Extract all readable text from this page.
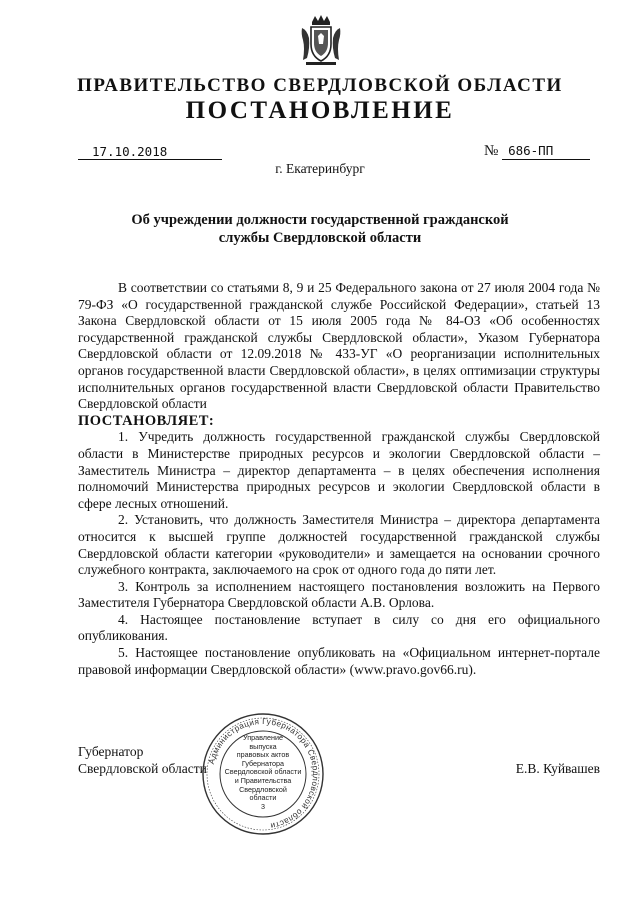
ПРАВИТЕЛЬСТВО СВЕРДЛОВСКОЙ ОБЛАСТИ
ПОСТАНОВЛЕНИЕ
17.10.2018	№ 686-ПП
г. Екатеринбург
Об учреждении должности государственной гражданской службы Свердловской области

В соответствии со статьями 8, 9 и 25 Федерального закона от 27 июля 2004 года № 79-ФЗ «О государственной гражданской службе Российской Федерации», статьей 13 Закона Свердловской области от 15 июля 2005 года № 84-ОЗ «Об особенностях государственной гражданской службы Свердловской области», Указом Губернатора Свердловской области от 12.09.2018 № 433-УГ «О реорганизации исполнительных органов государственной власти Свердловской области», в целях оптимизации структуры исполнительных органов государственной власти Свердловской области Правительство Свердловской области

ПОСТАНОВЛЯЕТ:

1. Учредить должность государственной гражданской службы Свердловской области в Министерстве природных ресурсов и экологии Свердловской области – Заместитель Министра – директор департамента – в целях обеспечения исполнения полномочий Министерства природных ресурсов и экологии Свердловской области в сфере лесных отношений.

2. Установить, что должность Заместителя Министра – директора департамента относится к высшей группе должностей государственной гражданской службы Свердловской области категории «руководители» и замещается на основании срочного служебного контракта, заключаемого на срок от одного года до пяти лет.

3. Контроль за исполнением настоящего постановления возложить на Первого Заместителя Губернатора Свердловской области А.В. Орлова.

4. Настоящее постановление вступает в силу со дня его официального опубликования.

5. Настоящее постановление опубликовать на «Официальном интернет-портале правовой информации Свердловской области» (www.pravo.gov66.ru).

Губернатор
Свердловской области	Е.В. Куйвашев
Администрация Губернатора Свердловской области
Управление
выпуска
правовых актов
Губернатора
Свердловской области
и Правительства
Свердловской
области
3
